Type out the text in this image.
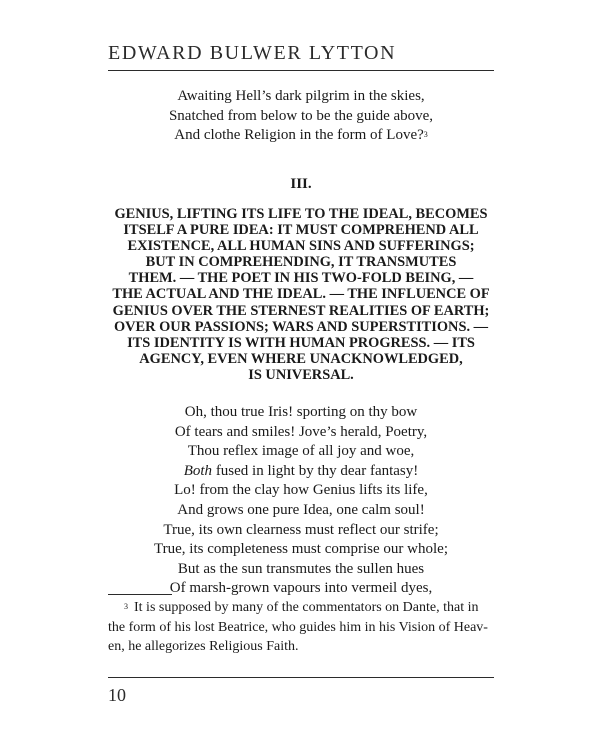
EDWARD BULWER LYTTON
Awaiting Hell’s dark pilgrim in the skies,
Snatched from below to be the guide above,
And clothe Religion in the form of Love?$^3$
III.
GENIUS, LIFTING ITS LIFE TO THE IDEAL, BECOMES
ITSELF A PURE IDEA: IT MUST COMPREHEND ALL
EXISTENCE, ALL HUMAN SINS AND SUFFERINGS;
BUT IN COMPREHENDING, IT TRANSMUTES
THEM. — THE POET IN HIS TWO-FOLD BEING, —
THE ACTUAL AND THE IDEAL. — THE INFLUENCE OF
GENIUS OVER THE STERNEST REALITIES OF EARTH;
OVER OUR PASSIONS; WARS AND SUPERSTITIONS. —
ITS IDENTITY IS WITH HUMAN PROGRESS. — ITS
AGENCY, EVEN WHERE UNACKNOWLEDGED,
IS UNIVERSAL.
Oh, thou true Iris! sporting on thy bow
Of tears and smiles! Jove’s herald, Poetry,
Thou reflex image of all joy and woe,
Both fused in light by thy dear fantasy!
Lo! from the clay how Genius lifts its life,
And grows one pure Idea, one calm soul!
True, its own clearness must reflect our strife;
True, its completeness must comprise our whole;
But as the sun transmutes the sullen hues
Of marsh-grown vapours into vermeil dyes,
$^3$ It is supposed by many of the commentators on Dante, that in
the form of his lost Beatrice, who guides him in his Vision of Heav-
en, he allegorizes Religious Faith.
10
